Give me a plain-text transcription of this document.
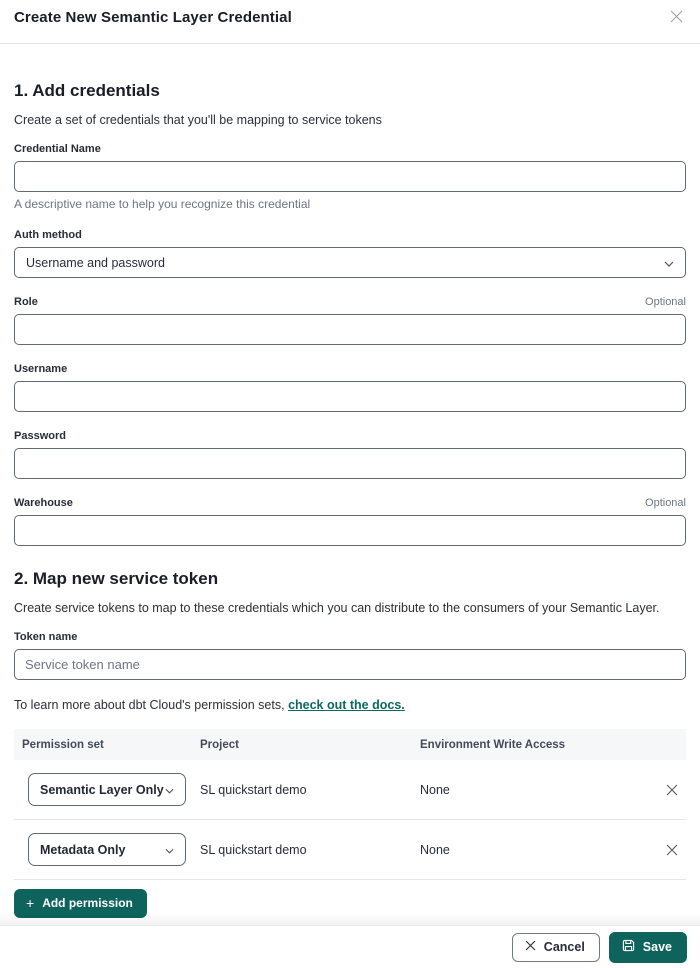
Create New Semantic Layer Credential
1. Add credentials
Create a set of credentials that you'll be mapping to service tokens
Credential Name
A descriptive name to help you recognize this credential
Auth method
Username and password
Role	Optional
Username
Password
Warehouse	Optional
2. Map new service token
Create service tokens to map to these credentials which you can distribute to the consumers of your Semantic Layer.
Token name
Service token name
To learn more about dbt Cloud's permission sets, check out the docs.
Permission set	Project	Environment Write Access
Semantic Layer Only	SL quickstart demo	None
Metadata Only	SL quickstart demo	None
+ Add permission
Cancel	Save
